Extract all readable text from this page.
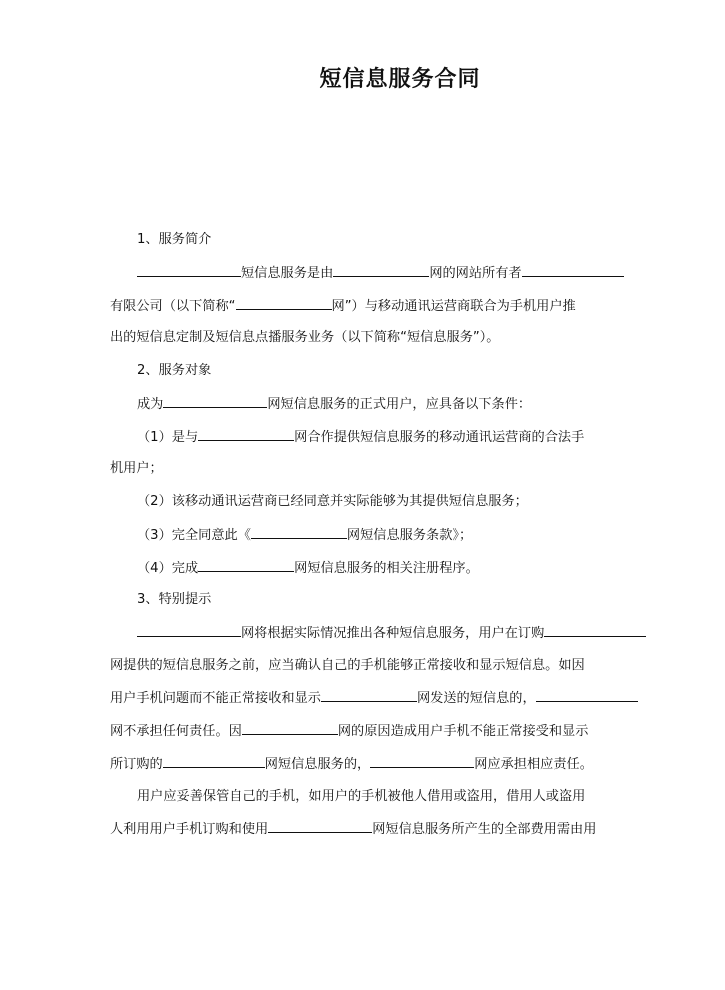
短信息服务合同
1、服务简介
短信息服务是由	网的网站所有者
有限公司（以下简称“	网”）与移动通讯运营商联合为手机用户推
出的短信息定制及短信息点播服务业务（以下简称“短信息服务”）。
2、服务对象
成为	网短信息服务的正式用户，应具备以下条件：
（1）是与	网合作提供短信息服务的移动通讯运营商的合法手
机用户；
（2）该移动通讯运营商已经同意并实际能够为其提供短信息服务；
（3）完全同意此《	网短信息服务条款》；
（4）完成	网短信息服务的相关注册程序。
3、特别提示
网将根据实际情况推出各种短信息服务，用户在订购
网提供的短信息服务之前，应当确认自己的手机能够正常接收和显示短信息。如因
用户手机问题而不能正常接收和显示	网发送的短信息的，
网不承担任何责任。因	网的原因造成用户手机不能正常接受和显示
所订购的	网短信息服务的，	网应承担相应责任。
用户应妥善保管自己的手机，如用户的手机被他人借用或盗用，借用人或盗用
人利用用户手机订购和使用	网短信息服务所产生的全部费用需由用
